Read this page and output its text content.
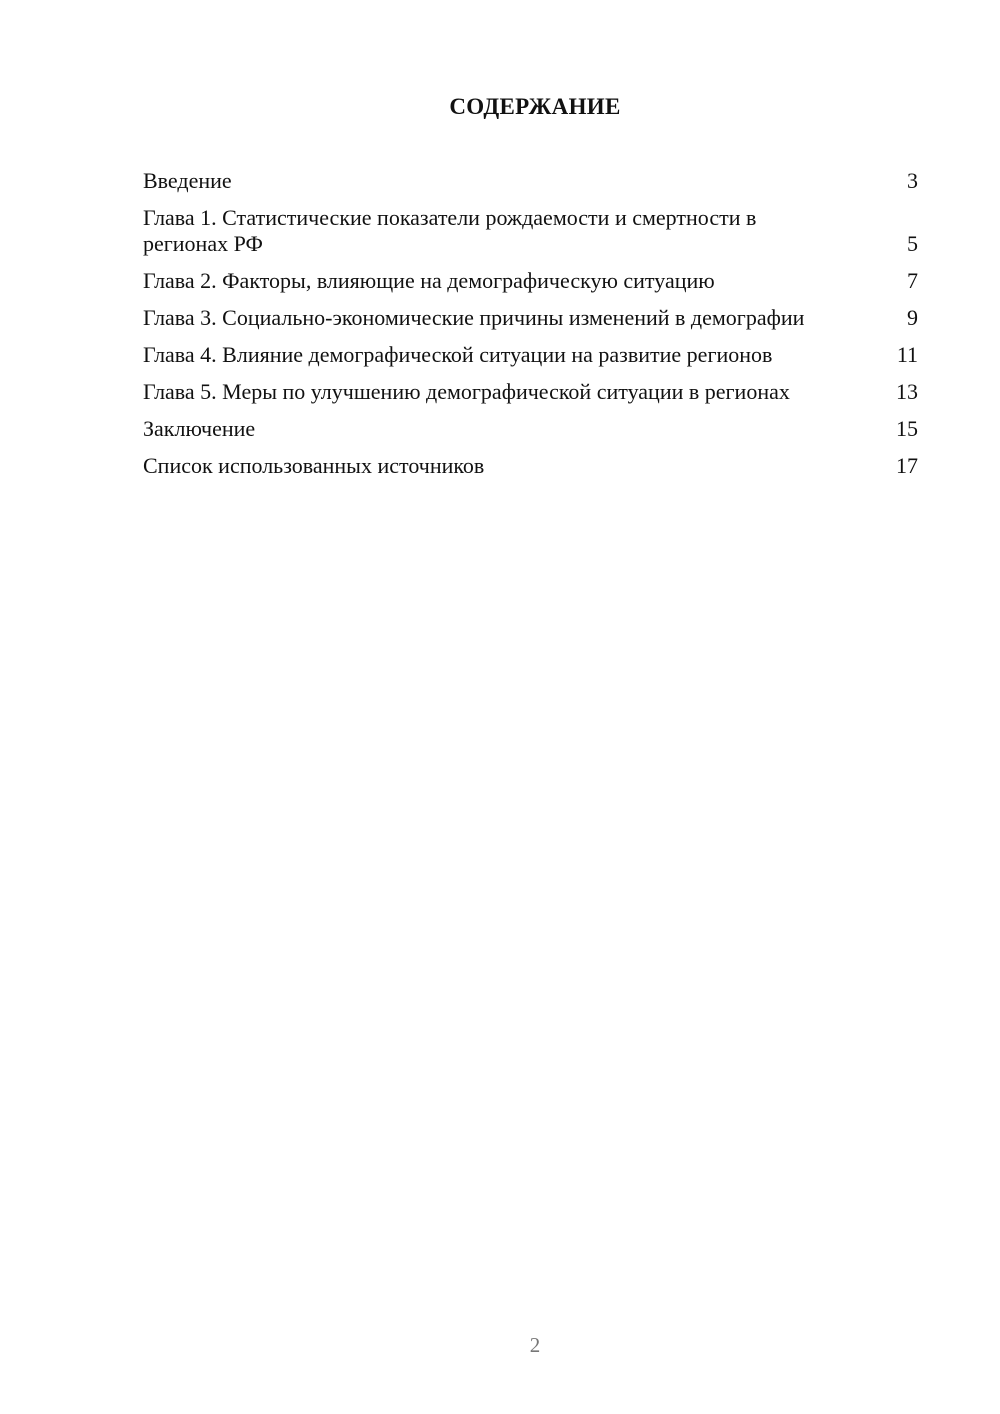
СОДЕРЖАНИЕ
Введение	3
Глава 1. Статистические показатели рождаемости и смертности в регионах РФ	5
Глава 2. Факторы, влияющие на демографическую ситуацию	7
Глава 3. Социально-экономические причины изменений в демографии	9
Глава 4. Влияние демографической ситуации на развитие регионов	11
Глава 5. Меры по улучшению демографической ситуации в регионах	13
Заключение	15
Список использованных источников	17
2
